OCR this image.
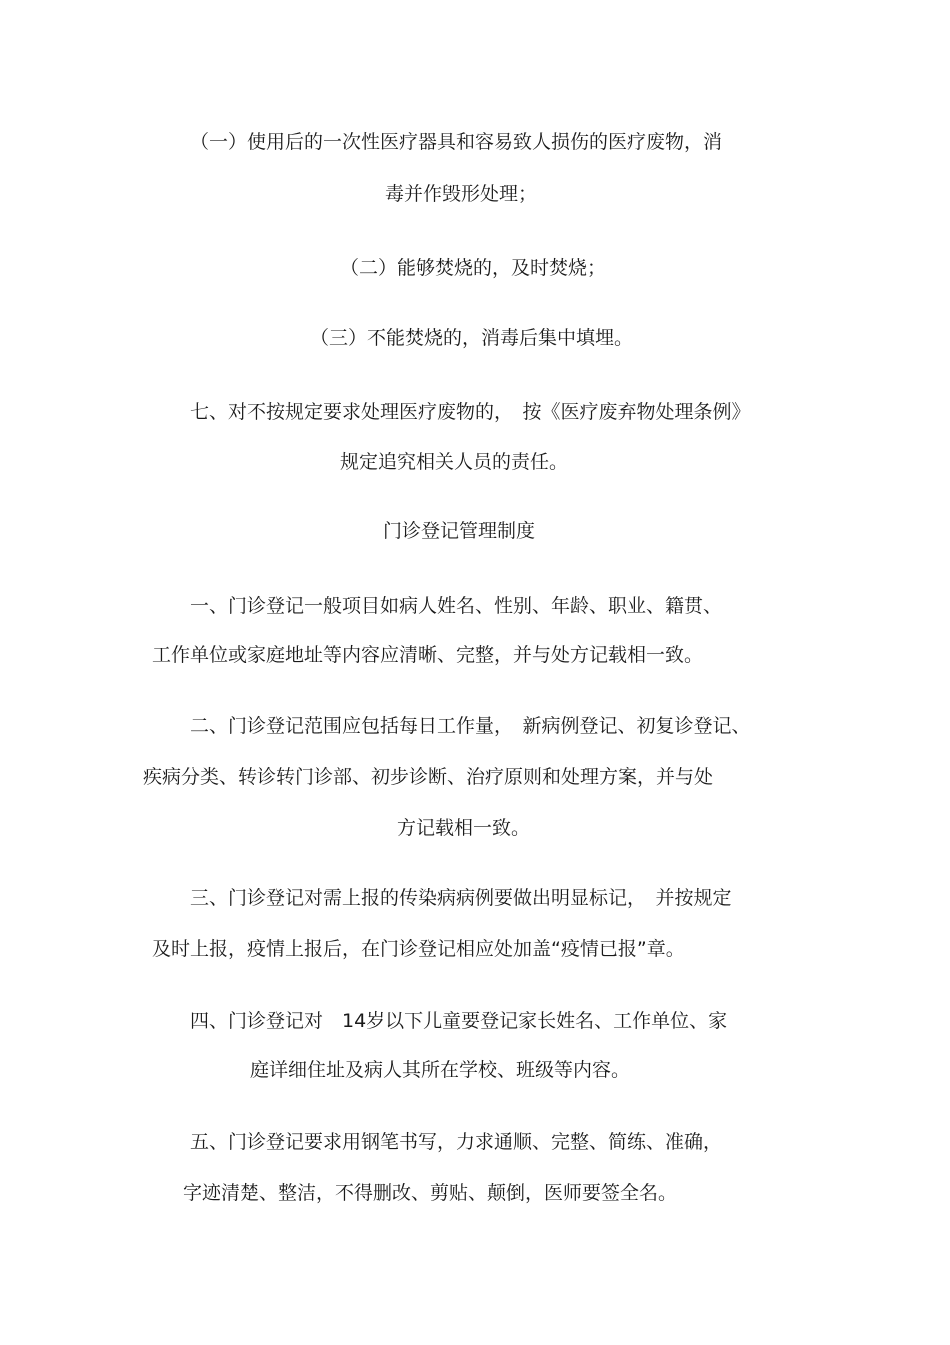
（一）使用后的一次性医疗器具和容易致人损伤的医疗废物，消
毒并作毁形处理；
（二）能够焚烧的，及时焚烧；
（三）不能焚烧的，消毒后集中填埋。
七、对不按规定要求处理医疗废物的，　按《医疗废弃物处理条例》
规定追究相关人员的责任。
门诊登记管理制度
一、门诊登记一般项目如病人姓名、性别、年龄、职业、籍贯、
工作单位或家庭地址等内容应清晰、完整，并与处方记载相一致。
二、门诊登记范围应包括每日工作量，　新病例登记、初复诊登记、
疾病分类、转诊转门诊部、初步诊断、治疗原则和处理方案，并与处
方记载相一致。
三、门诊登记对需上报的传染病病例要做出明显标记，　并按规定
及时上报，疫情上报后，在门诊登记相应处加盖“疫情已报”章。
四、门诊登记对　14岁以下儿童要登记家长姓名、工作单位、家
庭详细住址及病人其所在学校、班级等内容。
五、门诊登记要求用钢笔书写，力求通顺、完整、简练、准确，
字迹清楚、整洁，不得删改、剪贴、颠倒，医师要签全名。
